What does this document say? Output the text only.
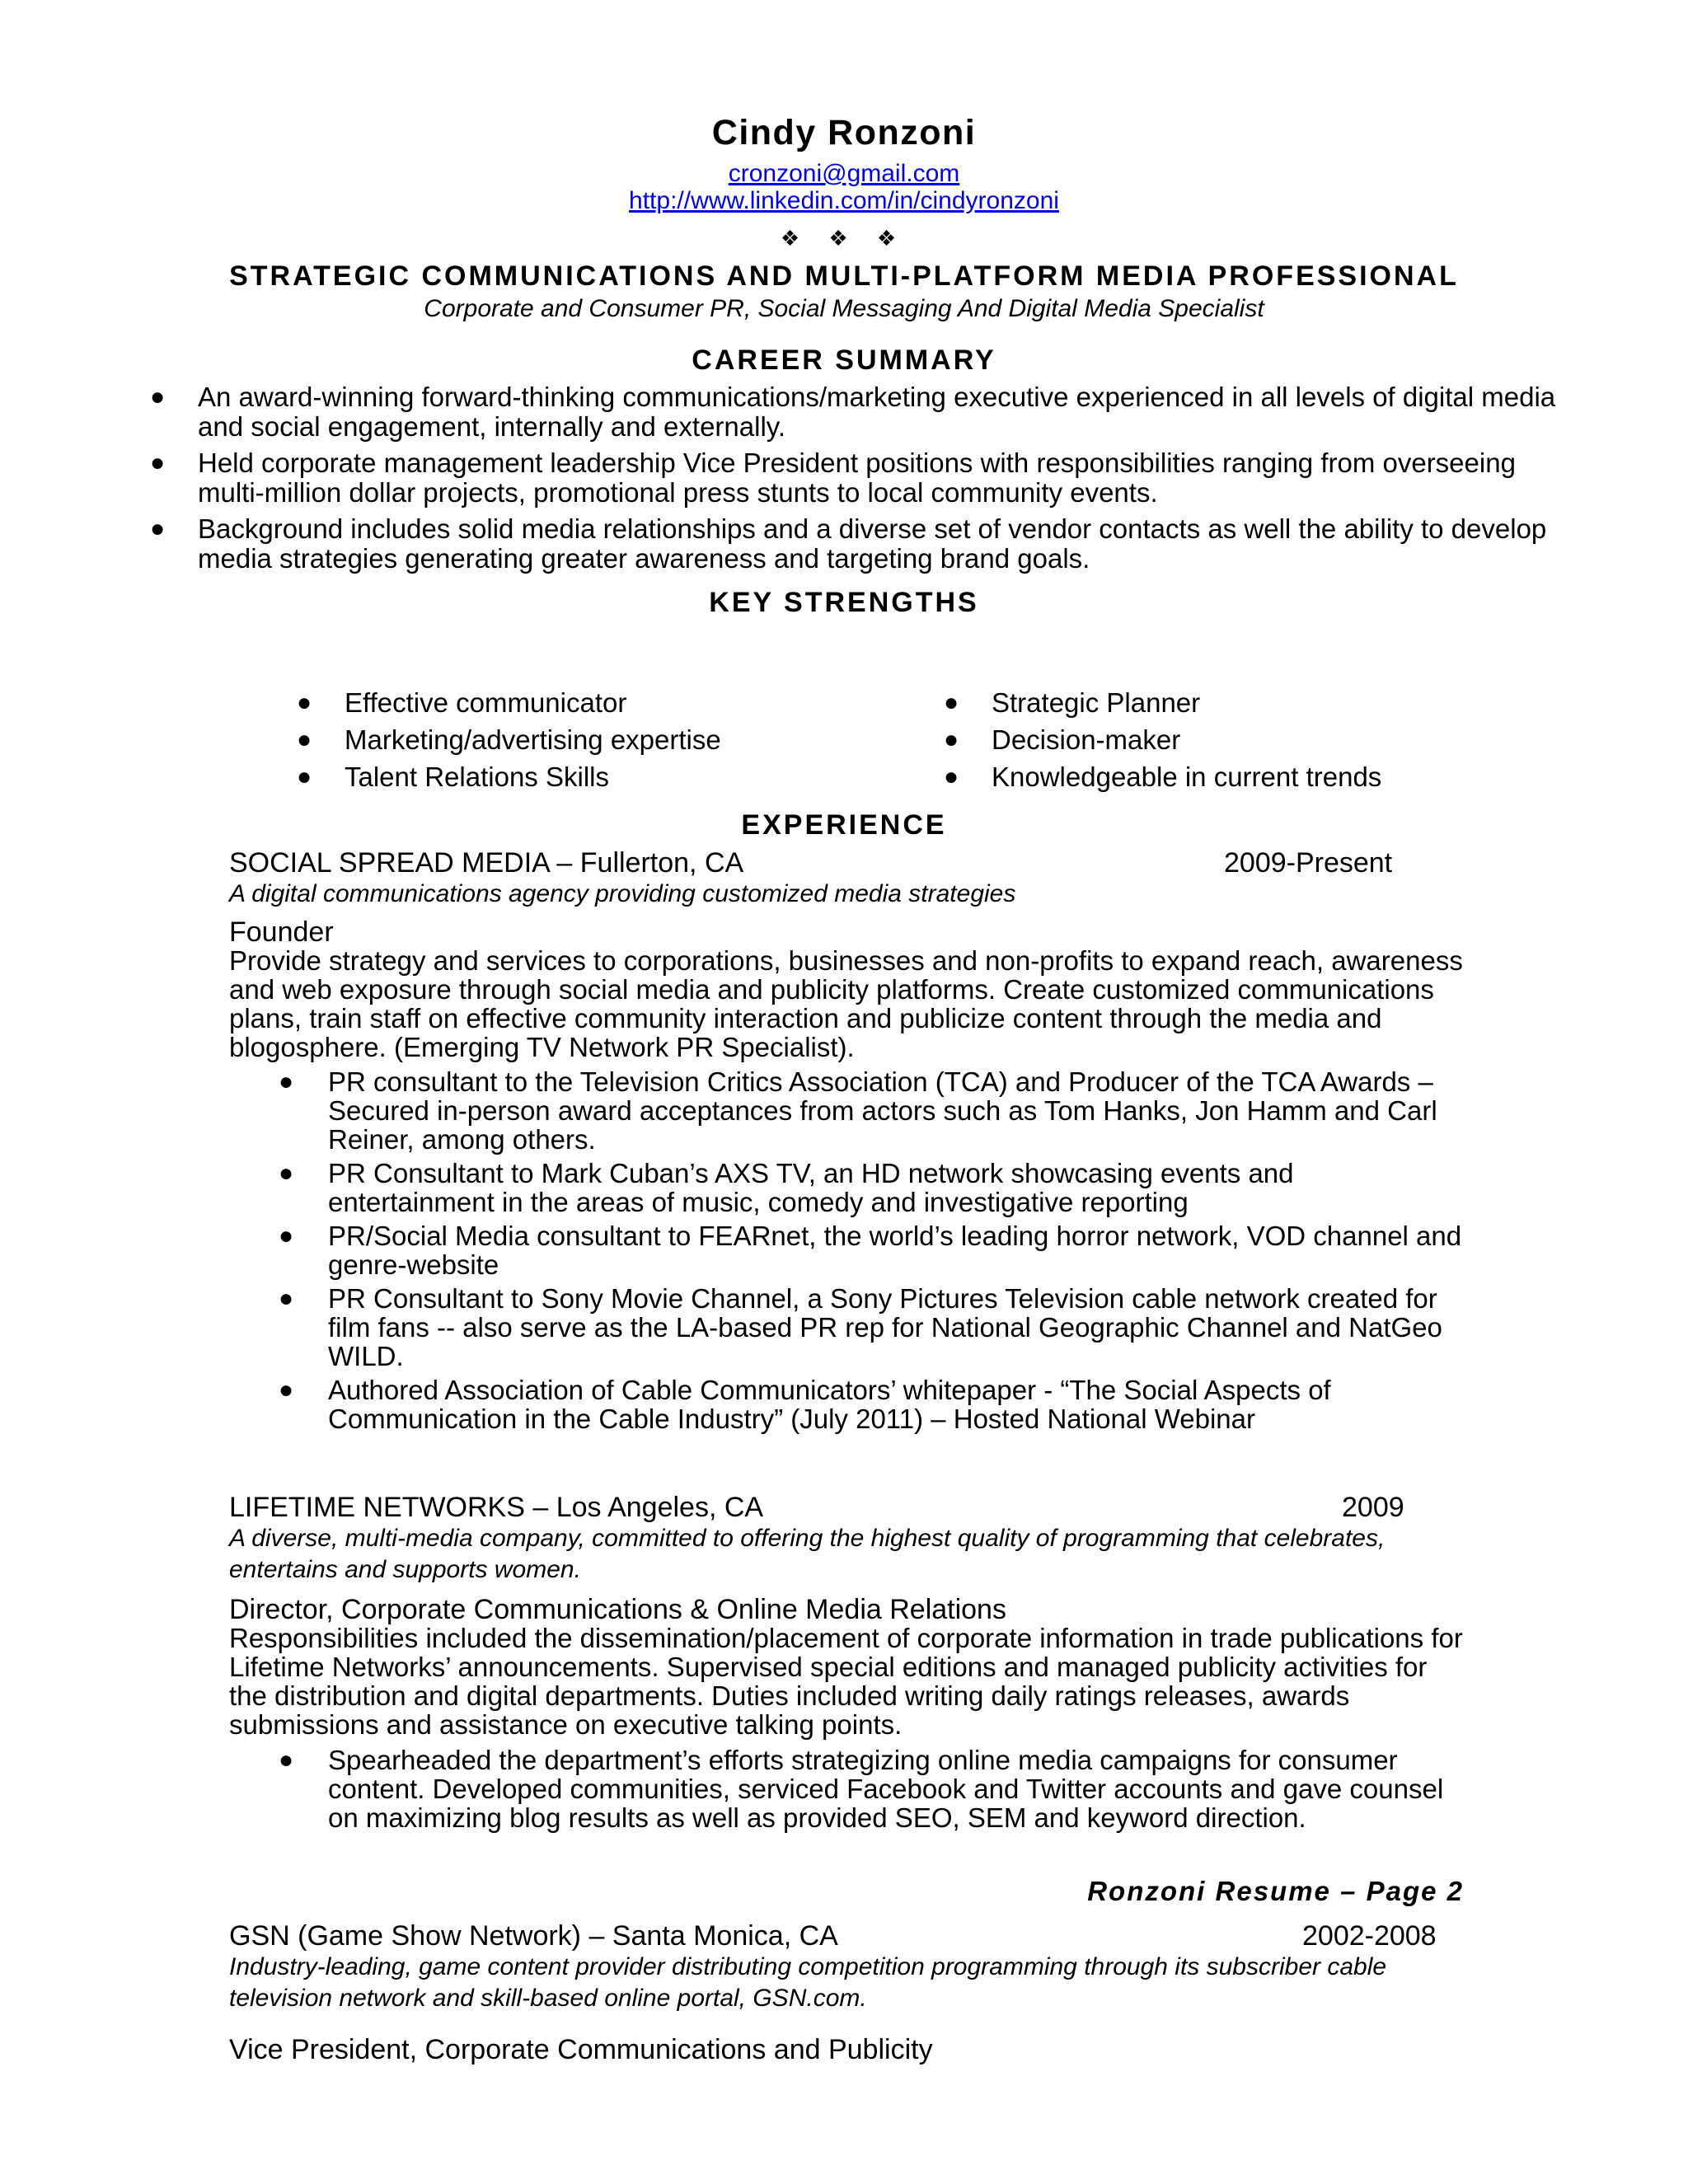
Cindy Ronzoni
cronzoni@gmail.com
http://www.linkedin.com/in/cindyronzoni
❖ ❖ ❖
STRATEGIC COMMUNICATIONS AND MULTI-PLATFORM MEDIA PROFESSIONAL
Corporate and Consumer PR, Social Messaging And Digital Media Specialist
CAREER SUMMARY
● An award-winning forward-thinking communications/marketing executive experienced in all levels of digital media and social engagement, internally and externally.
● Held corporate management leadership Vice President positions with responsibilities ranging from overseeing multi-million dollar projects, promotional press stunts to local community events.
● Background includes solid media relationships and a diverse set of vendor contacts as well the ability to develop media strategies generating greater awareness and targeting brand goals.
KEY STRENGTHS
● Effective communicator
● Marketing/advertising expertise
● Talent Relations Skills
● Strategic Planner
● Decision-maker
● Knowledgeable in current trends
EXPERIENCE
SOCIAL SPREAD MEDIA – Fullerton, CA	2009-Present
A digital communications agency providing customized media strategies
Founder
Provide strategy and services to corporations, businesses and non-profits to expand reach, awareness and web exposure through social media and publicity platforms. Create customized communications plans, train staff on effective community interaction and publicize content through the media and blogosphere. (Emerging TV Network PR Specialist).
● PR consultant to the Television Critics Association (TCA) and Producer of the TCA Awards – Secured in-person award acceptances from actors such as Tom Hanks, Jon Hamm and Carl Reiner, among others.
● PR Consultant to Mark Cuban’s AXS TV, an HD network showcasing events and entertainment in the areas of music, comedy and investigative reporting
● PR/Social Media consultant to FEARnet, the world’s leading horror network, VOD channel and genre-website
● PR Consultant to Sony Movie Channel, a Sony Pictures Television cable network created for film fans -- also serve as the LA-based PR rep for National Geographic Channel and NatGeo WILD.
● Authored Association of Cable Communicators’ whitepaper - “The Social Aspects of Communication in the Cable Industry” (July 2011) – Hosted National Webinar
LIFETIME NETWORKS – Los Angeles, CA	2009
A diverse, multi-media company, committed to offering the highest quality of programming that celebrates, entertains and supports women.
Director, Corporate Communications & Online Media Relations
Responsibilities included the dissemination/placement of corporate information in trade publications for Lifetime Networks’ announcements. Supervised special editions and managed publicity activities for the distribution and digital departments. Duties included writing daily ratings releases, awards submissions and assistance on executive talking points.
● Spearheaded the department’s efforts strategizing online media campaigns for consumer content. Developed communities, serviced Facebook and Twitter accounts and gave counsel on maximizing blog results as well as provided SEO, SEM and keyword direction.
Ronzoni Resume – Page 2
GSN (Game Show Network) – Santa Monica, CA	2002-2008
Industry-leading, game content provider distributing competition programming through its subscriber cable television network and skill-based online portal, GSN.com.
Vice President, Corporate Communications and Publicity
